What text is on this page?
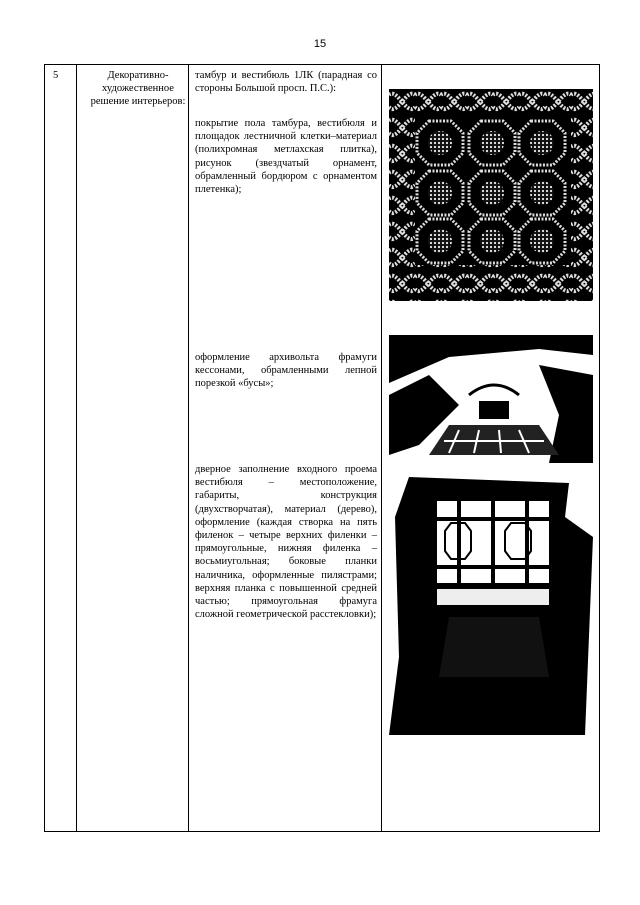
15
5	Декоративно-художественное решение интерьеров:
тамбур и вестибюль 1ЛК (парадная со стороны Большой просп. П.С.):
покрытие пола тамбура, вестибюля и площадок лестничной клетки–материал (полихромная метлахская плитка), рисунок (звездчатый орнамент, обрамленный бордюром с орнаментом плетенка);
оформление архивольта фрамуги кессонами, обрамленными лепной порезкой «бусы»;
дверное заполнение входного проема вестибюля – местоположение, габариты, конструкция (двухстворчатая), материал (дерево), оформление (каждая створка на пять филенок – четыре верхних филенки – прямоугольные, нижняя филенка – восьмиугольная; боковые планки наличника, оформленные пилястрами; верхняя планка с повышенной средней частью; прямоугольная фрамуга сложной геометрической расстекловки);
